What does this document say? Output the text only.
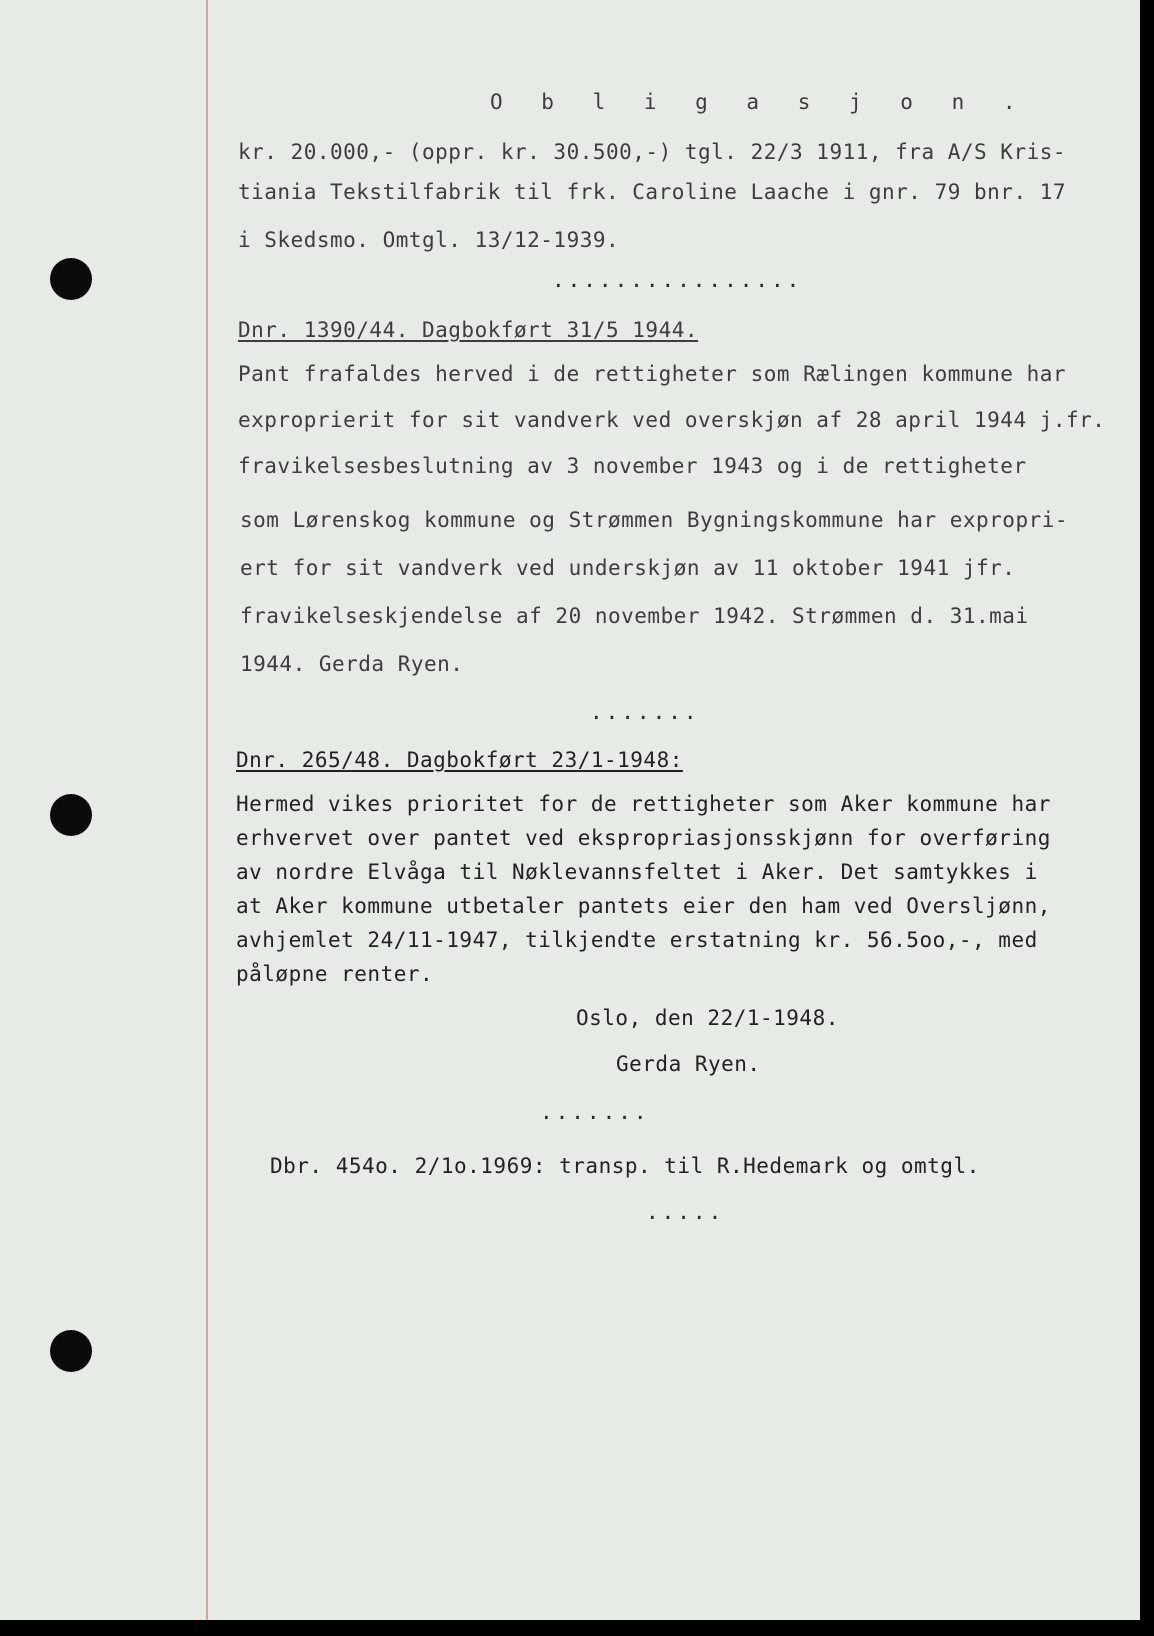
O b l i g a s j o n .

kr. 20.000,- (oppr. kr. 30.500,-) tgl. 22/3 1911, fra A/S Kris-

tiania Tekstilfabrik til frk. Caroline Laache i gnr. 79 bnr. 17

i Skedsmo. Omtgl. 13/12-1939.

................

Dnr. 1390/44. Dagbokført 31/5 1944.

Pant frafaldes herved i de rettigheter som Rælingen kommune har

exproprierit for sit vandverk ved overskjøn af 28 april 1944 j.fr.

fravikelsesbeslutning av 3 november 1943 og i de rettigheter

som Lørenskog kommune og Strømmen Bygningskommune har expropri-

ert for sit vandverk ved underskjøn av 11 oktober 1941 jfr.

fravikelseskjendelse af 20 november 1942. Strømmen d. 31.mai

1944. Gerda Ryen.

.......

Dnr. 265/48. Dagbokført 23/1-1948:

Hermed vikes prioritet for de rettigheter som Aker kommune har

erhvervet over pantet ved ekspropriasjonsskjønn for overføring

av nordre Elvåga til Nøklevannsfeltet i Aker. Det samtykkes i

at Aker kommune utbetaler pantets eier den ham ved Overslјønn,

avhjemlet 24/11-1947, tilkjendte erstatning kr. 56.5oo,-, med

påløpne renter.

Oslo, den 22/1-1948.

Gerda Ryen.

.......

Dbr. 454o. 2/1o.1969: transp. til R.Hedemark og omtgl.

.....
